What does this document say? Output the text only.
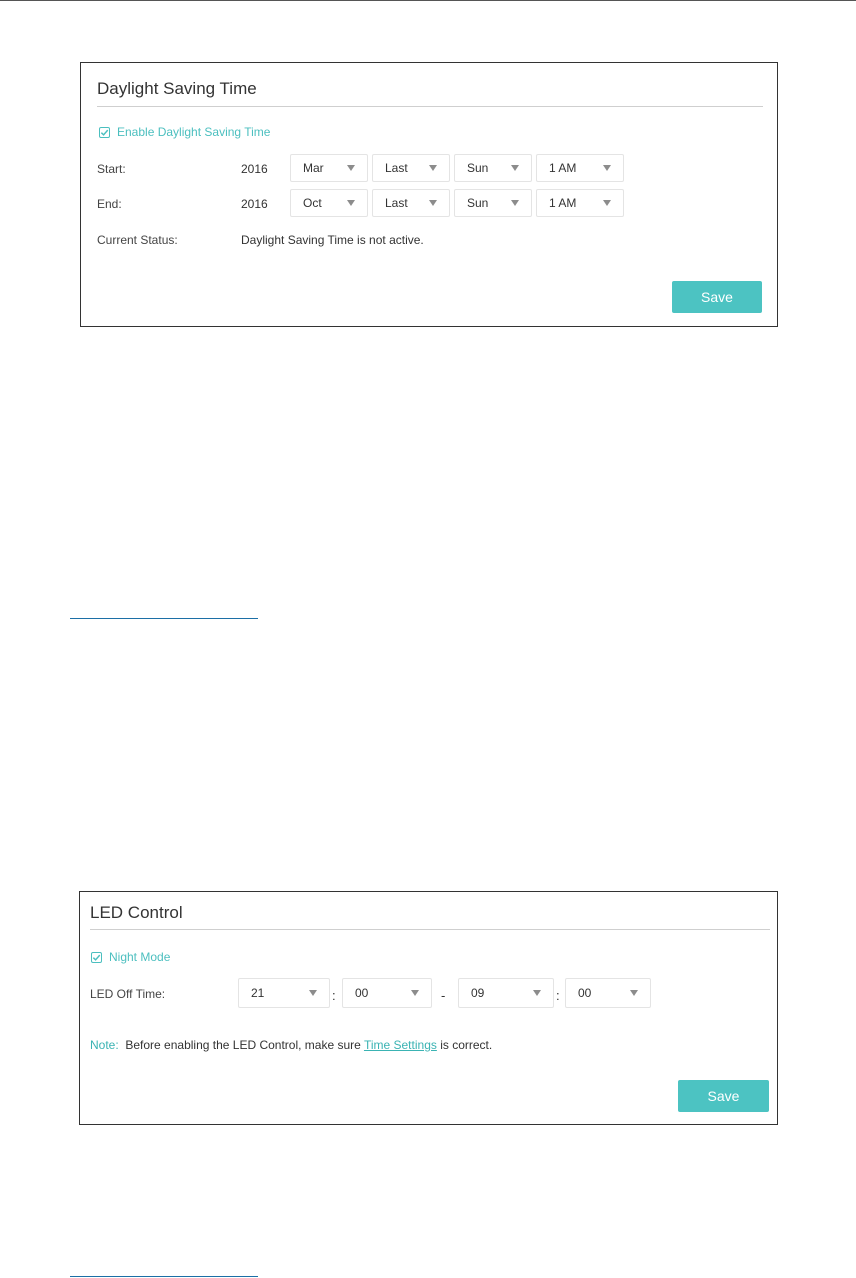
Daylight Saving Time
Enable Daylight Saving Time
Start:	2016	Mar	Last	Sun	1 AM
End:	2016	Oct	Last	Sun	1 AM
Current Status:	Daylight Saving Time is not active.
Save
LED Control
Night Mode
LED Off Time:	21	:	00	-	09	:	00
Note: Before enabling the LED Control, make sure Time Settings is correct.
Save
